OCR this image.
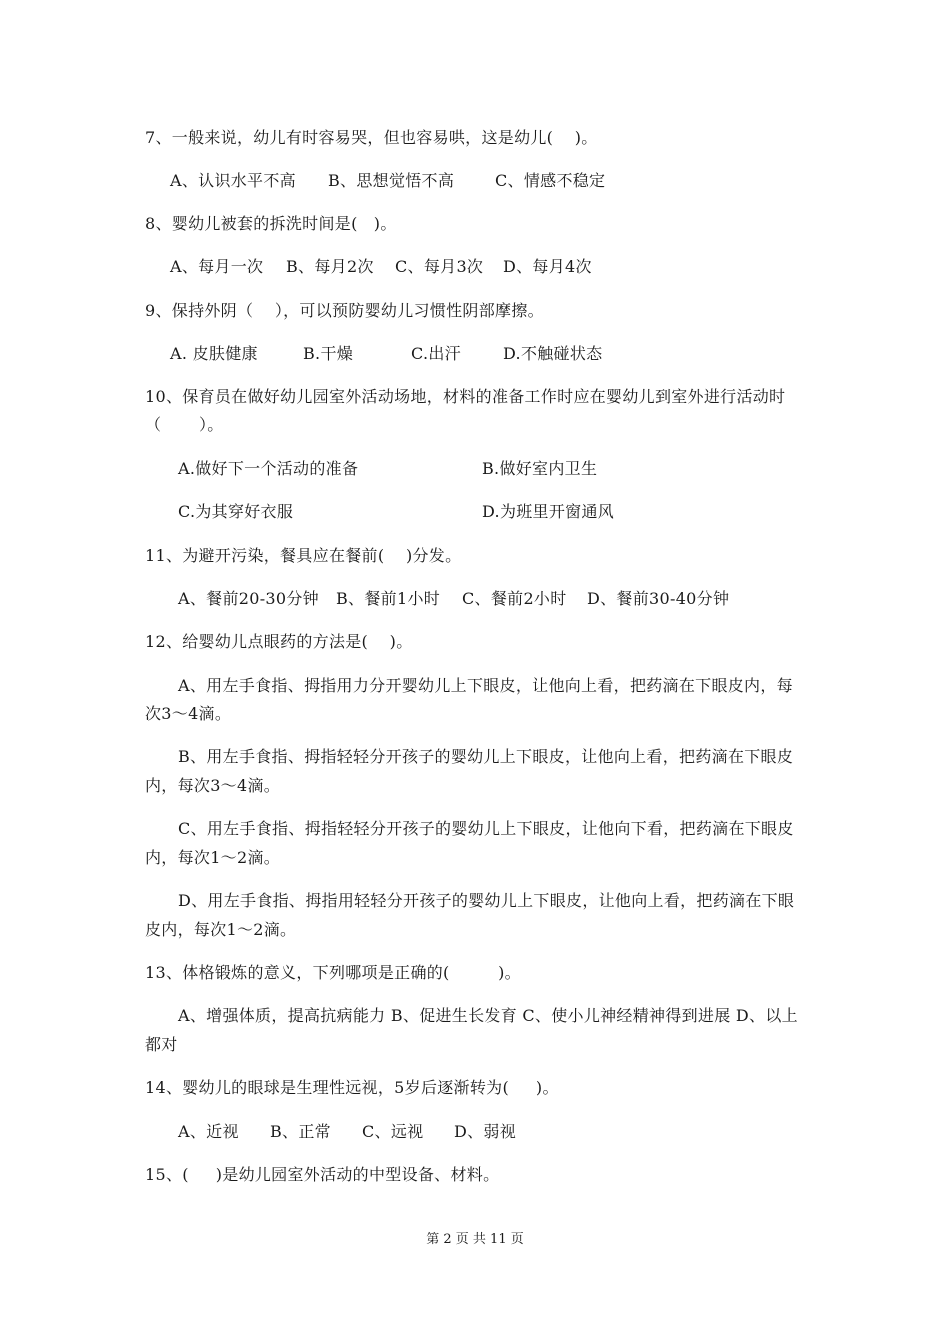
7、一般来说，幼儿有时容易哭，但也容易哄，这是幼儿(    )。
A、认识水平不高 B、思想觉悟不高	C、情感不稳定
8、婴幼儿被套的拆洗时间是(   )。
A、每月一次 B、每月2次 C、每月3次 D、每月4次
9、保持外阴（    ），可以预防婴幼儿习惯性阴部摩擦。
A. 皮肤健康	B.干燥	C.出汗	D.不触碰状态
10、保育员在做好幼儿园室外活动场地，材料的准备工作时应在婴幼儿到室外进行活动时
（       ）。
A.做好下一个活动的准备	B.做好室内卫生
C.为其穿好衣服	D.为班里开窗通风
11、为避开污染，餐具应在餐前(    )分发。
A、餐前20-30分钟 B、餐前1小时 C、餐前2小时 D、餐前30-40分钟
12、给婴幼儿点眼药的方法是(    )。
A、用左手食指、拇指用力分开婴幼儿上下眼皮，让他向上看，把药滴在下眼皮内，每
次3～4滴。
B、用左手食指、拇指轻轻分开孩子的婴幼儿上下眼皮，让他向上看，把药滴在下眼皮
内，每次3～4滴。
C、用左手食指、拇指轻轻分开孩子的婴幼儿上下眼皮，让他向下看，把药滴在下眼皮
内，每次1～2滴。
D、用左手食指、拇指用轻轻分开孩子的婴幼儿上下眼皮，让他向上看，把药滴在下眼
皮内，每次1～2滴。
13、体格锻炼的意义，下列哪项是正确的(         )。
A、增强体质，提高抗病能力 B、促进生长发育 C、使小儿神经精神得到进展 D、以上
都对
14、婴幼儿的眼球是生理性远视，5岁后逐渐转为(     )。
A、近视 B、正常 C、远视 D、弱视
15、(     )是幼儿园室外活动的中型设备、材料。
第 2 页 共 11 页
